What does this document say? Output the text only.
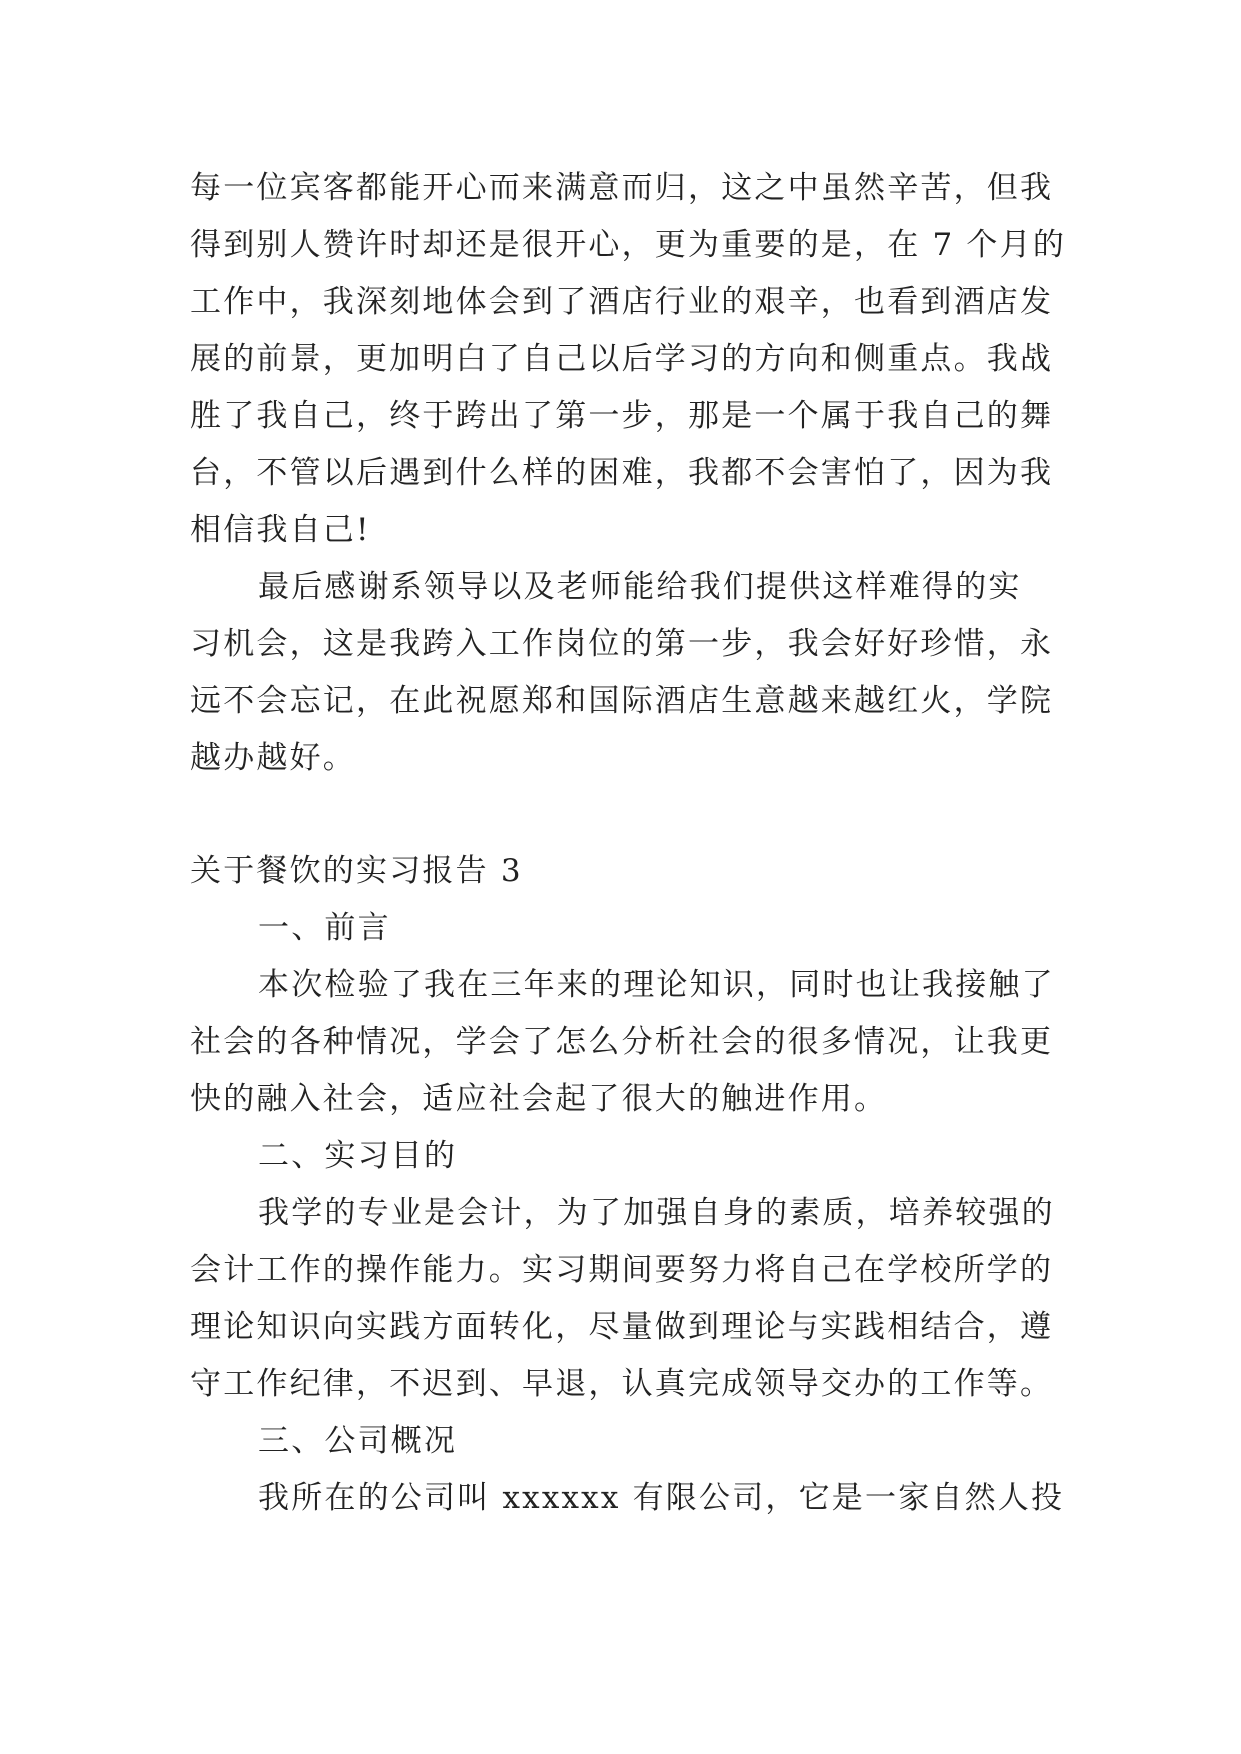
每一位宾客都能开心而来满意而归，这之中虽然辛苦，但我
得到别人赞许时却还是很开心，更为重要的是，在 7 个月的
工作中，我深刻地体会到了酒店行业的艰辛，也看到酒店发
展的前景，更加明白了自己以后学习的方向和侧重点。我战
胜了我自己，终于跨出了第一步，那是一个属于我自己的舞
台，不管以后遇到什么样的困难，我都不会害怕了，因为我
相信我自己!
最后感谢系领导以及老师能给我们提供这样难得的实
习机会，这是我跨入工作岗位的第一步，我会好好珍惜，永
远不会忘记，在此祝愿郑和国际酒店生意越来越红火，学院
越办越好。
关于餐饮的实习报告 3
一、前言
本次检验了我在三年来的理论知识，同时也让我接触了
社会的各种情况，学会了怎么分析社会的很多情况，让我更
快的融入社会，适应社会起了很大的触进作用。
二、实习目的
我学的专业是会计，为了加强自身的素质，培养较强的
会计工作的操作能力。实习期间要努力将自己在学校所学的
理论知识向实践方面转化，尽量做到理论与实践相结合，遵
守工作纪律，不迟到、早退，认真完成领导交办的工作等。
三、公司概况
我所在的公司叫 xxxxxx 有限公司，它是一家自然人投
